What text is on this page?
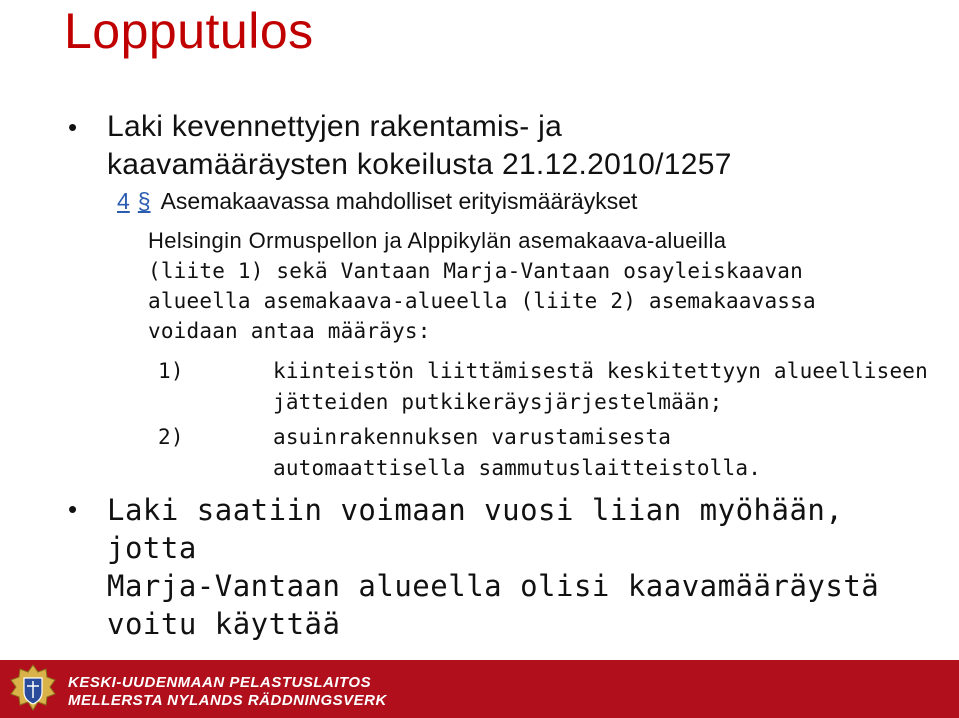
Lopputulos
• Laki kevennettyjen rakentamis- ja
kaavamääräysten kokeilusta 21.12.2010/1257
4 § Asemakaavassa mahdolliset erityismääräykset
Helsingin Ormuspellon ja Alppikylän asemakaava-alueilla
(liite 1) sekä Vantaan Marja-Vantaan osayleiskaavan
alueella asemakaava-alueella (liite 2) asemakaavassa
voidaan antaa määräys:
1)	kiinteistön liittämisestä keskitettyyn alueelliseen
jätteiden putkikeräysjärjestelmään;
2)	asuinrakennuksen varustamisesta
automaattisella sammutuslaitteistolla.
• Laki saatiin voimaan vuosi liian myöhään, jotta
Marja-Vantaan alueella olisi kaavamääräystä
voitu käyttää
KESKI-UUDENMAAN PELASTUSLAITOS
MELLERSTA NYLANDS RÄDDNINGSVERK
